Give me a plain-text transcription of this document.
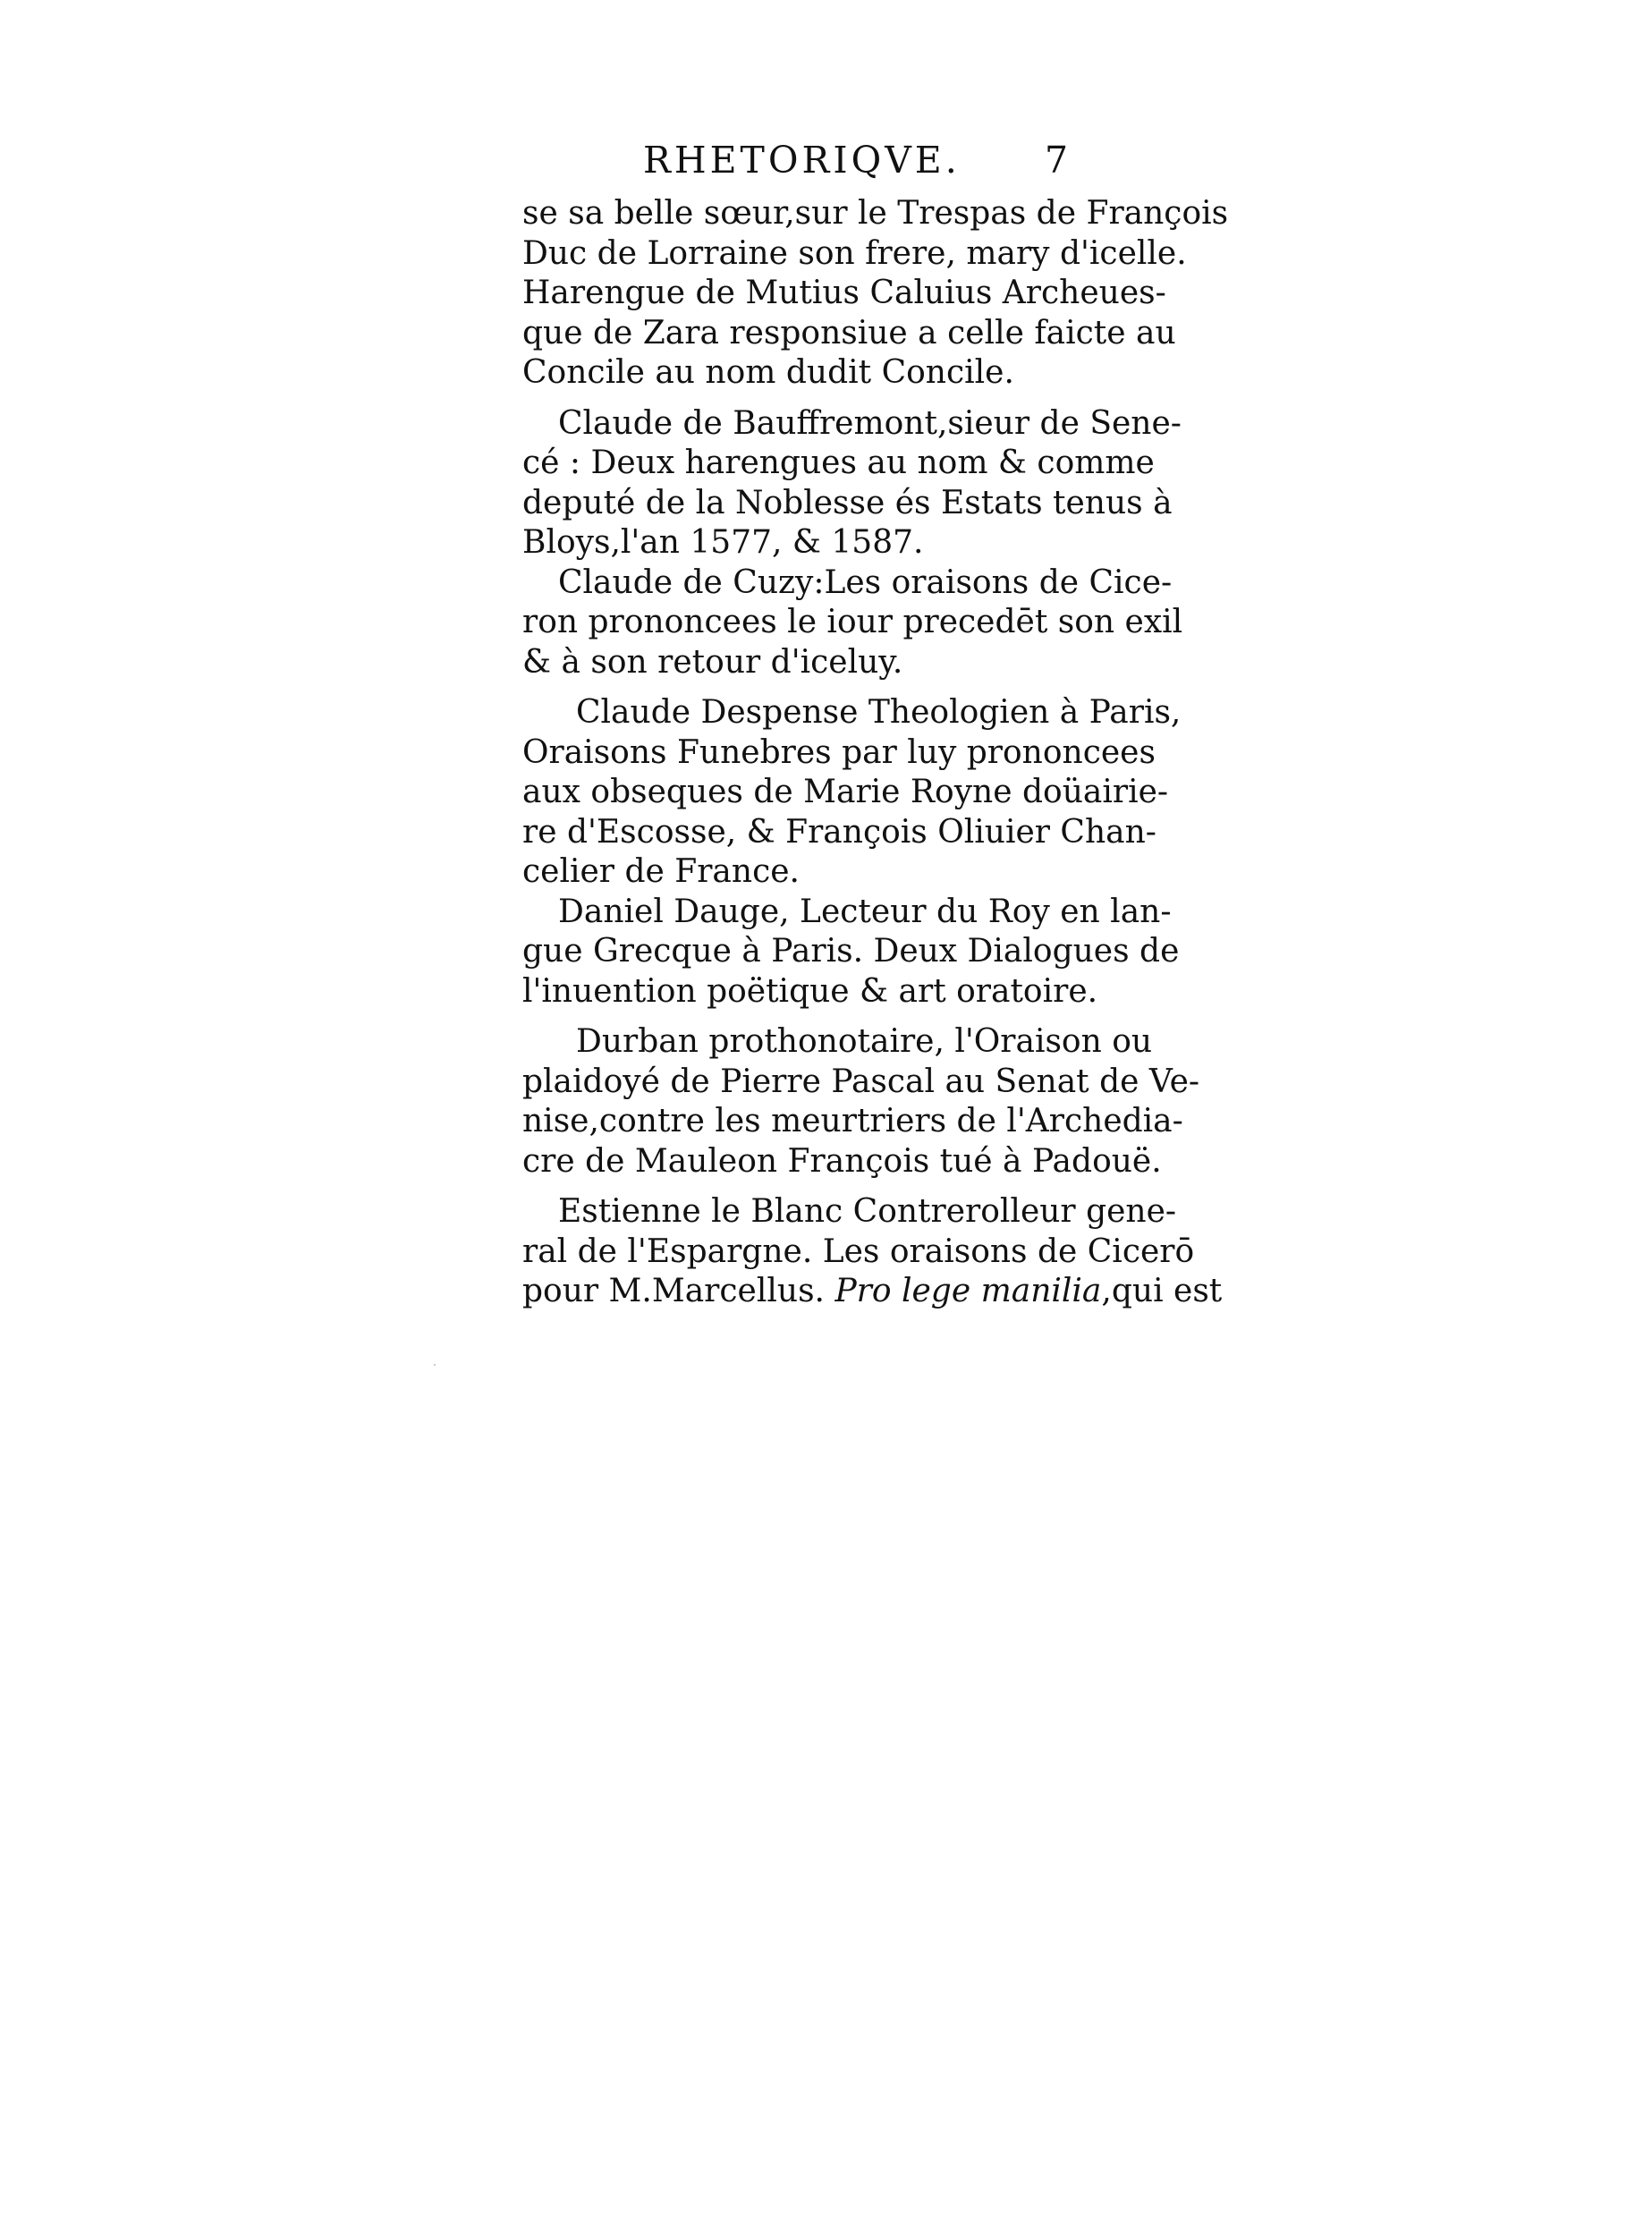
RHETORIQVE. 7
se sa belle sœur,sur le Trespas de François
Duc de Lorraine son frere, mary d'icelle.
Harengue de Mutius Caluius Archeues-
que de Zara responsiue a celle faicte au
Concile au nom dudit Concile.
Claude de Bauffremont,sieur de Sene-
cé : Deux harengues au nom & comme
deputé de la Noblesse és Estats tenus à
Bloys,l'an 1577, & 1587.
Claude de Cuzy:Les oraisons de Cice-
ron prononcees le iour precedēt son exil
& à son retour d'iceluy.
Claude Despense Theologien à Paris,
Oraisons Funebres par luy prononcees
aux obseques de Marie Royne doüairie-
re d'Escosse, & François Oliuier Chan-
celier de France.
Daniel Dauge, Lecteur du Roy en lan-
gue Grecque à Paris. Deux Dialogues de
l'inuention poëtique & art oratoire.
Durban prothonotaire, l'Oraison ou
plaidoyé de Pierre Pascal au Senat de Ve-
nise,contre les meurtriers de l'Archedia-
cre de Mauleon François tué à Padouë.
Estienne le Blanc Contrerolleur gene-
ral de l'Espargne. Les oraisons de Cicerō
pour M.Marcellus. Pro lege manilia,qui est
